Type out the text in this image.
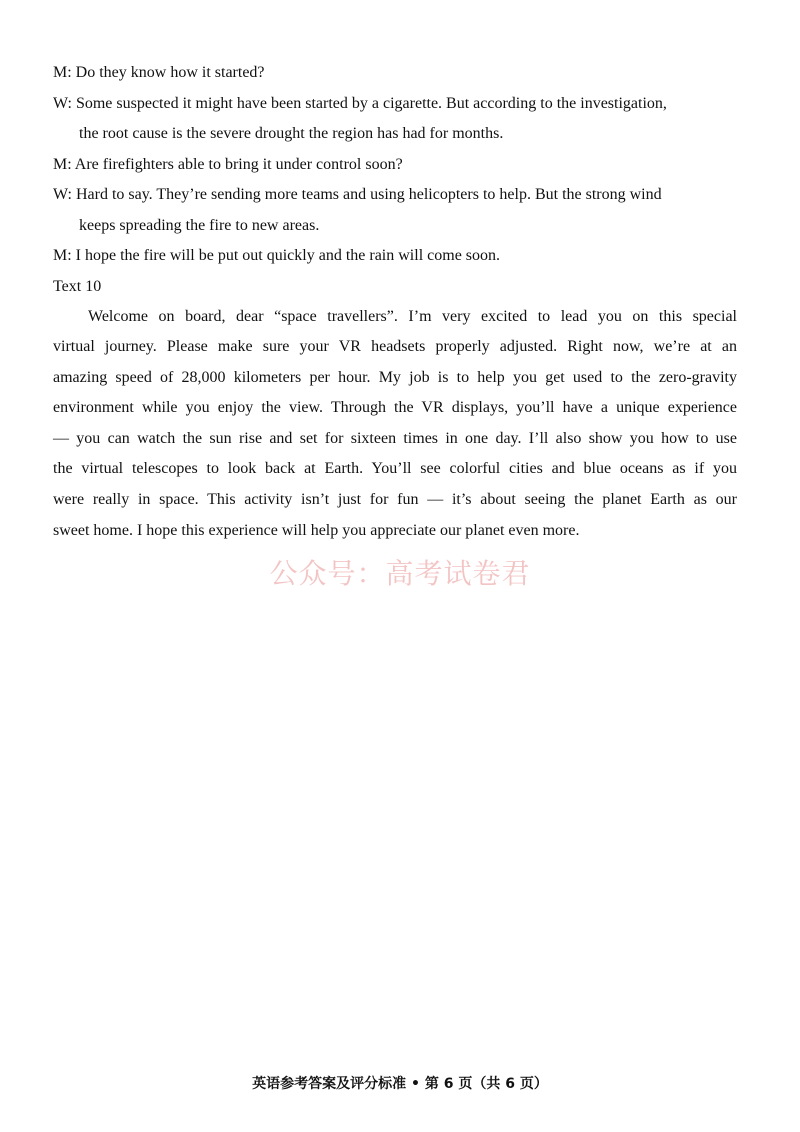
M: Do they know how it started?
W: Some suspected it might have been started by a cigarette. But according to the investigation,
the root cause is the severe drought the region has had for months.
M: Are firefighters able to bring it under control soon?
W: Hard to say. They’re sending more teams and using helicopters to help. But the strong wind
keeps spreading the fire to new areas.
M: I hope the fire will be put out quickly and the rain will come soon.
Text 10
Welcome on board, dear “space travellers”. I’m very excited to lead you on this special
virtual journey. Please make sure your VR headsets properly adjusted. Right now, we’re at an
amazing speed of 28,000 kilometers per hour. My job is to help you get used to the zero-gravity
environment while you enjoy the view. Through the VR displays, you’ll have a unique experience
— you can watch the sun rise and set for sixteen times in one day. I’ll also show you how to use
the virtual telescopes to look back at Earth. You’ll see colorful cities and blue oceans as if you
were really in space. This activity isn’t just for fun — it’s about seeing the planet Earth as our
sweet home. I hope this experience will help you appreciate our planet even more.
公众号：高考试卷君
英语参考答案及评分标准 • 第 6 页（共 6 页）
